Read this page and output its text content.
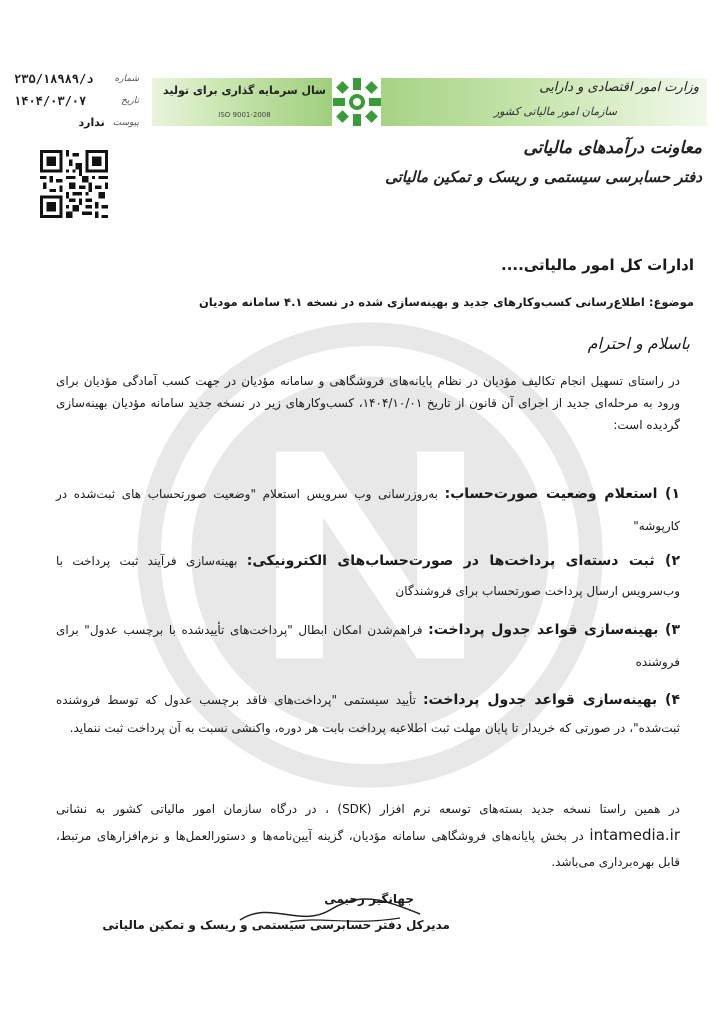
شماره
د/۲۳۵/۱۸۹۸۹
تاریخ
۱۴۰۴/۰۳/۰۷
پیوست
ندارد
سال سرمایه گذاری برای تولید
ISO 9001-2008
وزارت امور اقتصادی و دارایی
سازمان امور مالیاتی کشور
معاونت درآمدهای مالیاتی
دفتر حسابرسی سیستمی و ریسک و تمکین مالیاتی
ادارات کل امور مالیاتی....
موضوع: اطلاع‌رسانی کسب‌وکارهای جدید و بهینه‌سازی شده در نسخه ۴.۱ سامانه مودیان
باسلام و احترام
در راستای تسهیل انجام تکالیف مؤدیان در نظام پایانه‌های فروشگاهی و سامانه مؤدیان در جهت کسب آمادگی مؤدیان برای ورود به مرحله‌ای جدید از اجرای آن قانون از تاریخ ۱۴۰۴/۱۰/۰۱، کسب‌وکارهای زیر در نسخه جدید سامانه مؤدیان بهینه‌سازی گردیده است:
۱) استعلام وضعیت صورت‌حساب: به‌روزرسانی وب سرویس استعلام "وضعیت صورتحساب های ثبت‌شده در کارپوشه"
۲) ثبت دسته‌ای پرداخت‌ها در صورت‌حساب‌های الکترونیکی: بهینه‌سازی فرآیند ثبت پرداخت با وب‌سرویس ارسال پرداخت صورتحساب برای فروشندگان
۳) بهینه‌سازی قواعد جدول پرداخت: فراهم‌شدن امکان ابطال "پرداخت‌های تأییدشده با برچسب عدول" برای فروشنده
۴) بهینه‌سازی قواعد جدول پرداخت: تأیید سیستمی "پرداخت‌های فاقد برچسب عدول که توسط فروشنده ثبت‌شده"، در صورتی که خریدار تا پایان مهلت ثبت اطلاعیه پرداخت بابت هر دوره، واکنشی نسبت به آن پرداخت ثبت ننماید.
در همین راستا نسخه جدید بسته‌های توسعه نرم افزار (SDK) ، در درگاه سازمان امور مالیاتی کشور به نشانی intamedia.ir در بخش پایانه‌های فروشگاهی سامانه مؤدیان، گزینه آیین‌نامه‌ها و دستورالعمل‌ها و نرم‌افزارهای مرتبط، قابل بهره‌برداری می‌باشد.
جهانگیر رحیمی
مدیرکل دفتر حسابرسی سیستمی و ریسک و تمکین مالیاتی
